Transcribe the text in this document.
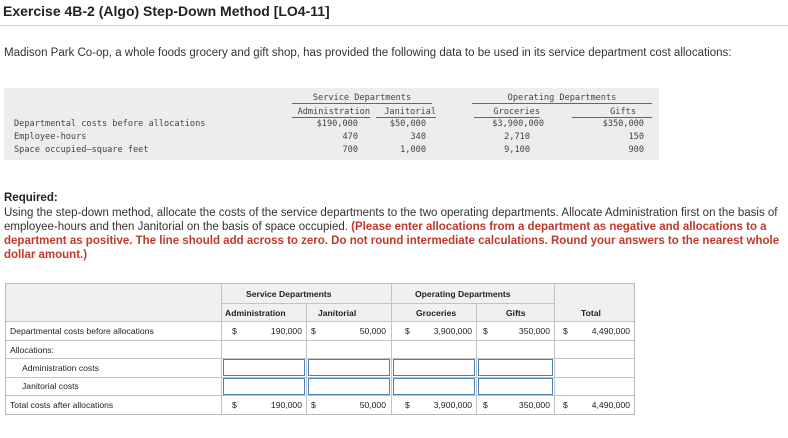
Exercise 4B-2 (Algo) Step-Down Method [LO4-11]
Madison Park Co-op, a whole foods grocery and gift shop, has provided the following data to be used in its service department cost allocations:
Service Departments	Operating Departments
Administration	Janitorial	Groceries	Gifts
Departmental costs before allocations	$190,000	$50,000	$3,900,000	$350,000
Employee-hours	470	340	2,710	150
Space occupied—square feet	700	1,000	9,100	900
Required:
Using the step-down method, allocate the costs of the service departments to the two operating departments. Allocate Administration first on the basis of employee-hours and then Janitorial on the basis of space occupied. (Please enter allocations from a department as negative and allocations to a department as positive. The line should add across to zero. Do not round intermediate calculations. Round your answers to the nearest whole dollar amount.)
Service Departments	Operating Departments
Administration	Janitorial	Groceries	Gifts	Total
Departmental costs before allocations	$	190,000 $	50,000 $	3,900,000 $	350,000 $	4,490,000
Allocations:
Administration costs
Janitorial costs
Total costs after allocations	$	190,000 $	50,000 $	3,900,000 $	350,000 $	4,490,000
